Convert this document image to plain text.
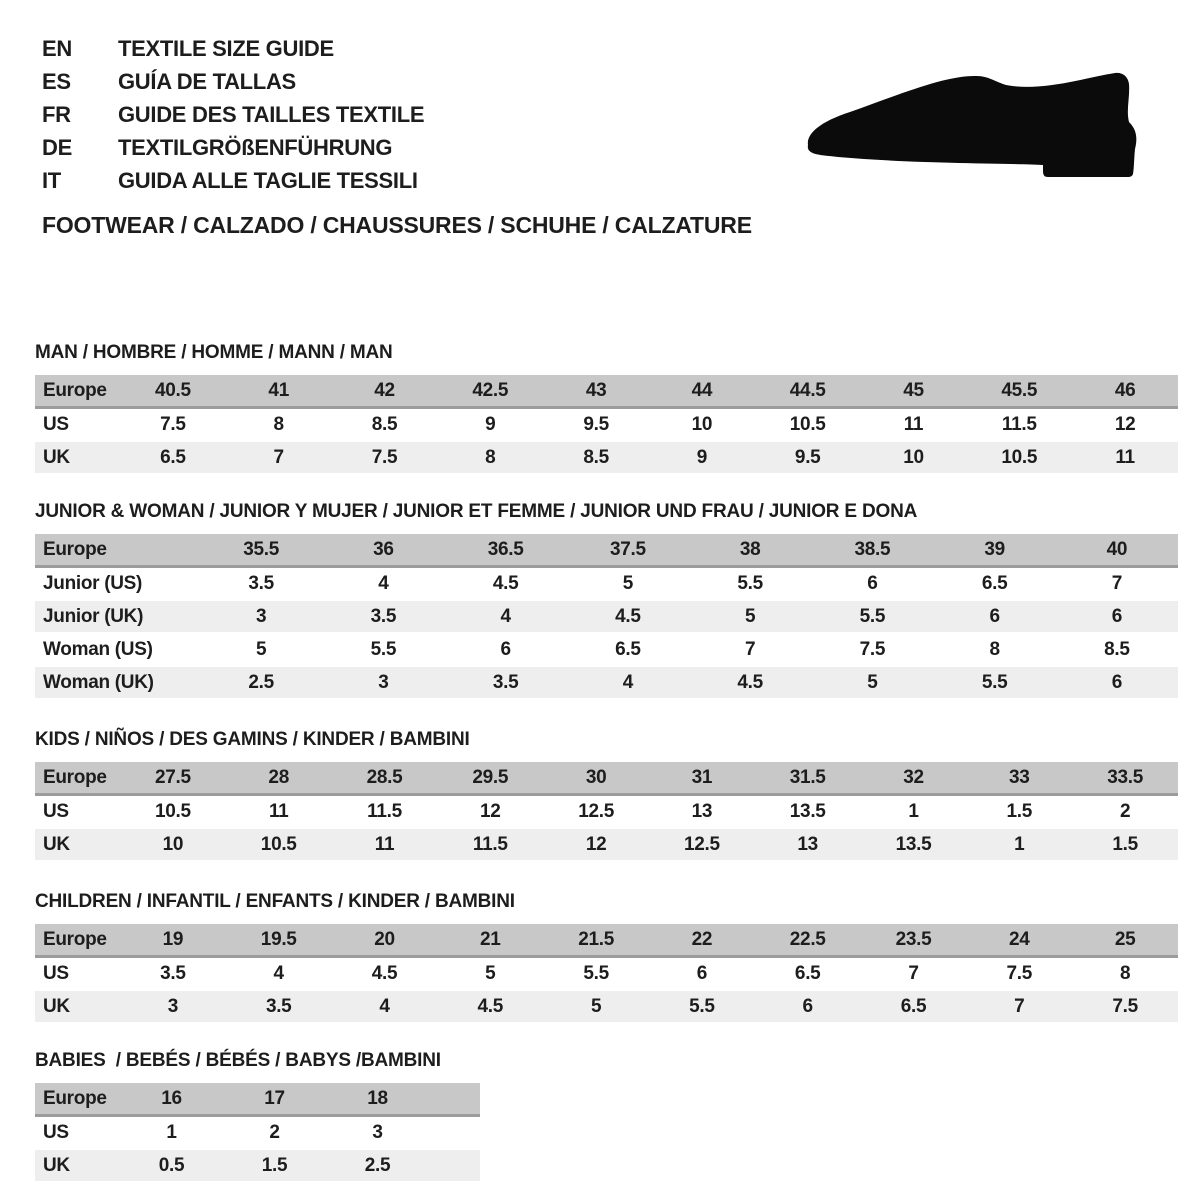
EN	TEXTILE SIZE GUIDE
ES	GUÍA DE TALLAS
FR	GUIDE DES TAILLES TEXTILE
DE	TEXTILGRÖßENFÜHRUNG
IT	GUIDA ALLE TAGLIE TESSILI
FOOTWEAR / CALZADO / CHAUSSURES / SCHUHE / CALZATURE
MAN / HOMBRE / HOMME / MANN / MAN
Europe	40.5	41	42	42.5	43	44	44.5	45	45.5	46
US	7.5	8	8.5	9	9.5	10	10.5	11	11.5	12
UK	6.5	7	7.5	8	8.5	9	9.5	10	10.5	11
JUNIOR & WOMAN / JUNIOR Y MUJER / JUNIOR ET FEMME / JUNIOR UND FRAU / JUNIOR E DONA
Europe	35.5	36	36.5	37.5	38	38.5	39	40
Junior (US)	3.5	4	4.5	5	5.5	6	6.5	7
Junior (UK)	3	3.5	4	4.5	5	5.5	6	6
Woman (US)	5	5.5	6	6.5	7	7.5	8	8.5
Woman (UK)	2.5	3	3.5	4	4.5	5	5.5	6
KIDS / NIÑOS / DES GAMINS / KINDER / BAMBINI
Europe	27.5	28	28.5	29.5	30	31	31.5	32	33	33.5
US	10.5	11	11.5	12	12.5	13	13.5	1	1.5	2
UK	10	10.5	11	11.5	12	12.5	13	13.5	1	1.5
CHILDREN / INFANTIL / ENFANTS / KINDER / BAMBINI
Europe	19	19.5	20	21	21.5	22	22.5	23.5	24	25
US	3.5	4	4.5	5	5.5	6	6.5	7	7.5	8
UK	3	3.5	4	4.5	5	5.5	6	6.5	7	7.5
BABIES  / BEBÉS / BÉBÉS / BABYS /BAMBINI
Europe	16	17	18	
US	1	2	3	
UK	0.5	1.5	2.5	
